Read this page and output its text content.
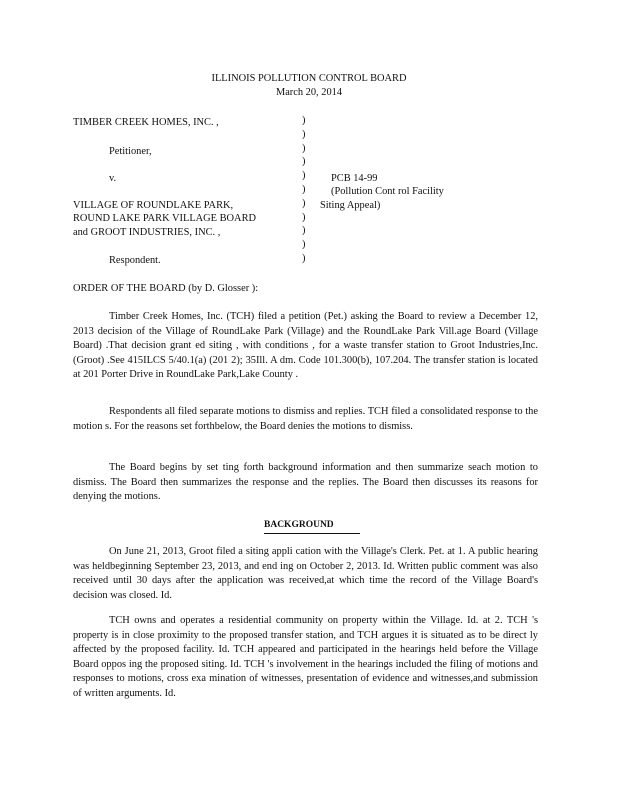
ILLINOIS POLLUTION CONTROL BOARD
March 20, 2014
TIMBER CREEK HOMES, INC. ,
Petitioner,
v.
VILLAGE OF ROUNDLAKE PARK,
ROUND LAKE PARK VILLAGE BOARD
and GROOT INDUSTRIES, INC. ,
Respondent.
)
)
)
)
)
)
)
)
)
)
)
PCB 14-99
(Pollution Cont rol Facility
Siting Appeal)
ORDER OF THE BOARD (by D. Glosser ):

Timber Creek Homes, Inc. (TCH) filed a petition (Pet.) asking the Board to review a December 12, 2013 decision of the Village of RoundLake Park (Village) and the RoundLake Park Vill.age Board (Village Board) .That decision grant ed siting , with conditions , for a waste transfer station to Groot Industries,Inc. (Groot) .See 415ILCS 5/40.1(a) (201 2); 35Ill. A dm. Code 101.300(b), 107.204. The transfer station is located at 201 Porter Drive in RoundLake Park,Lake County .

Respondents all filed separate motions to dismiss and replies. TCH filed a consolidated response to the motion s. For the reasons set forthbelow, the Board denies the motions to dismiss.

The Board begins by set ting forth background information and then summarize seach motion to dismiss. The Board then summarizes the response and the replies. The Board then discusses its reasons for denying the motions.

BACKGROUND

On June 21, 2013, Groot filed a siting appli cation with the Village's Clerk. Pet. at 1. A public hearing was heldbeginning September 23, 2013, and end ing on October 2, 2013. Id. Written public comment was also received until 30 days after the application was received,at which time the record of the Village Board's decision was closed. Id.

TCH owns and operates a residential community on property within the Village. Id. at 2. TCH 's property is in close proximity to the proposed transfer station, and TCH argues it is situated as to be direct ly affected by the proposed facility. Id. TCH appeared and participated in the hearings held before the Village Board oppos ing the proposed siting. Id. TCH 's involvement in the hearings included the filing of motions and responses to motions, cross exa mination of witnesses, presentation of evidence and witnesses,and submission of written arguments. Id.
